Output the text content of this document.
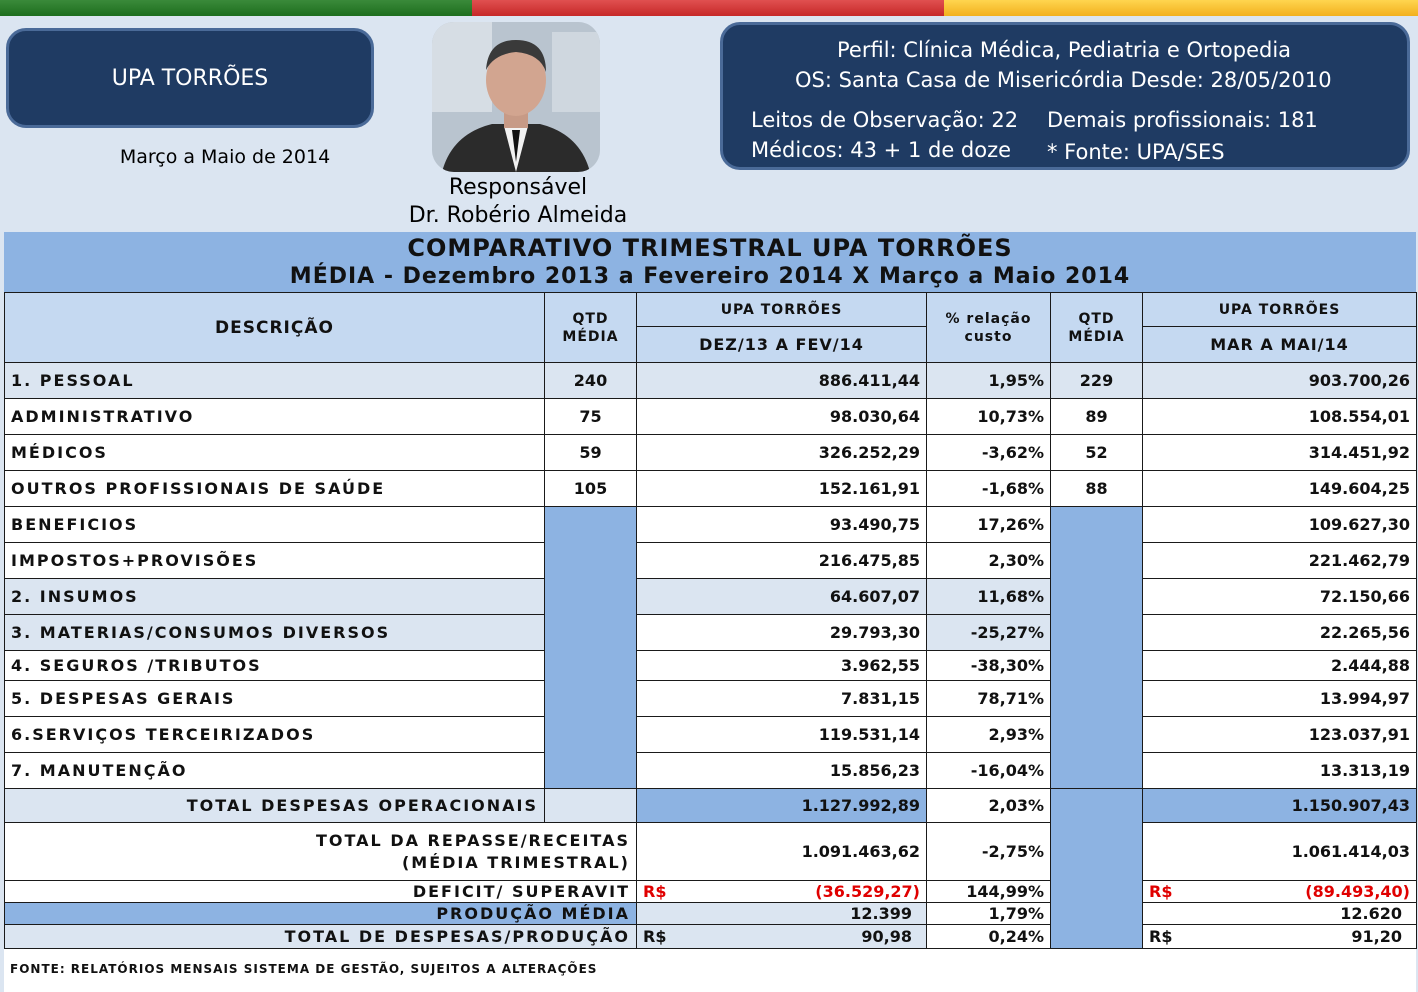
UPA TORRÕES
Março a Maio de 2014
Responsável
Dr. Robério Almeida
Perfil: Clínica Médica, Pediatria e Ortopedia
OS: Santa Casa de Misericórdia Desde: 28/05/2010
Leitos de Observação: 22
Médicos: 43 + 1 de doze
Demais profissionais: 181
* Fonte: UPA/SES
COMPARATIVO TRIMESTRAL UPA TORRÕES
MÉDIA - Dezembro 2013 a Fevereiro 2014 X Março a Maio 2014
DESCRIÇÃO	QTD MÉDIA	UPA TORRÕES	% relação custo	QTD MÉDIA	UPA TORRÕES
		DEZ/13 A FEV/14			MAR A MAI/14
1. PESSOAL	240	886.411,44	1,95%	229	903.700,26
ADMINISTRATIVO	75	98.030,64	10,73%	89	108.554,01
MÉDICOS	59	326.252,29	-3,62%	52	314.451,92
OUTROS PROFISSIONAIS DE SAÚDE	105	152.161,91	-1,68%	88	149.604,25
BENEFICIOS		93.490,75	17,26%		109.627,30
IMPOSTOS+PROVISÕES		216.475,85	2,30%		221.462,79
2. INSUMOS		64.607,07	11,68%		72.150,66
3. MATERIAS/CONSUMOS DIVERSOS		29.793,30	-25,27%		22.265,56
4. SEGUROS /TRIBUTOS		3.962,55	-38,30%		2.444,88
5. DESPESAS GERAIS		7.831,15	78,71%		13.994,97
6.SERVIÇOS TERCEIRIZADOS		119.531,14	2,93%		123.037,91
7. MANUTENÇÃO		15.856,23	-16,04%		13.313,19
TOTAL DESPESAS OPERACIONAIS		1.127.992,89	2,03%		1.150.907,43

TOTAL DA REPASSE/RECEITAS
(MÉDIA TRIMESTRAL)		1.091.463,62	-2,75%		1.061.414,03
DEFICIT/ SUPERAVIT		R$ (36.529,27)	144,99%		R$ (89.493,40)

PRODUÇÃO MÉDIA		12.399	1,79%		12.620
TOTAL DE DESPESAS/PRODUÇÃO		R$ 90,98	0,24%		R$ 91,20
FONTE: RELATÓRIOS MENSAIS SISTEMA DE GESTÃO, SUJEITOS A ALTERAÇÕES
